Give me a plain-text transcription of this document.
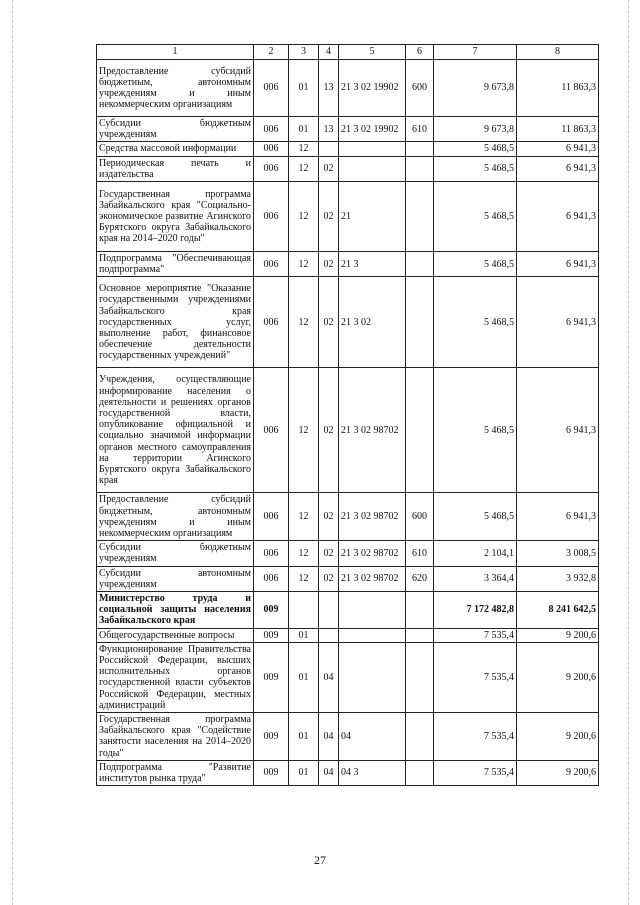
1	2	3	4	5	6	7	8
Предоставление субсидий бюджетным, автономным учреждениям и иным некоммерческим организациям	006	01	13	21 3 02 19902	600	9 673,8	11 863,3
Субсидии бюджетным учреждениям	006	01	13	21 3 02 19902	610	9 673,8	11 863,3
Средства массовой информации	006	12				5 468,5	6 941,3
Периодическая печать и издательства	006	12	02			5 468,5	6 941,3
Государственная программа Забайкальского края "Социально-экономическое развитие Агинского Бурятского округа Забайкальского края на 2014–2020 годы"	006	12	02	21		5 468,5	6 941,3
Подпрограмма "Обеспечивающая подпрограмма"	006	12	02	21 3		5 468,5	6 941,3
Основное мероприятие "Оказание государственными учреждениями Забайкальского края государственных услуг, выполнение работ, финансовое обеспечение деятельности государственных учреждений"	006	12	02	21 3 02		5 468,5	6 941,3
Учреждения, осуществляющие информирование населения о деятельности и решениях органов государственной власти, опубликование официальной и социально значимой информации органов местного самоуправления на территории Агинского Бурятского округа Забайкальского края	006	12	02	21 3 02 98702		5 468,5	6 941,3
Предоставление субсидий бюджетным, автономным учреждениям и иным некоммерческим организациям	006	12	02	21 3 02 98702	600	5 468,5	6 941,3
Субсидии бюджетным учреждениям	006	12	02	21 3 02 98702	610	2 104,1	3 008,5
Субсидии автономным учреждениям	006	12	02	21 3 02 98702	620	3 364,4	3 932,8
Министерство труда и социальной защиты населения Забайкальского края	009					7 172 482,8	8 241 642,5
Общегосударственные вопросы	009	01				7 535,4	9 200,6
Функционирование Правительства Российской Федерации, высших исполнительных органов государственной власти субъектов Российской Федерации, местных администраций	009	01	04			7 535,4	9 200,6
Государственная программа Забайкальского края "Содействие занятости населения на 2014–2020 годы"	009	01	04	04		7 535,4	9 200,6
Подпрограмма "Развитие институтов рынка труда"	009	01	04	04 3		7 535,4	9 200,6
27
